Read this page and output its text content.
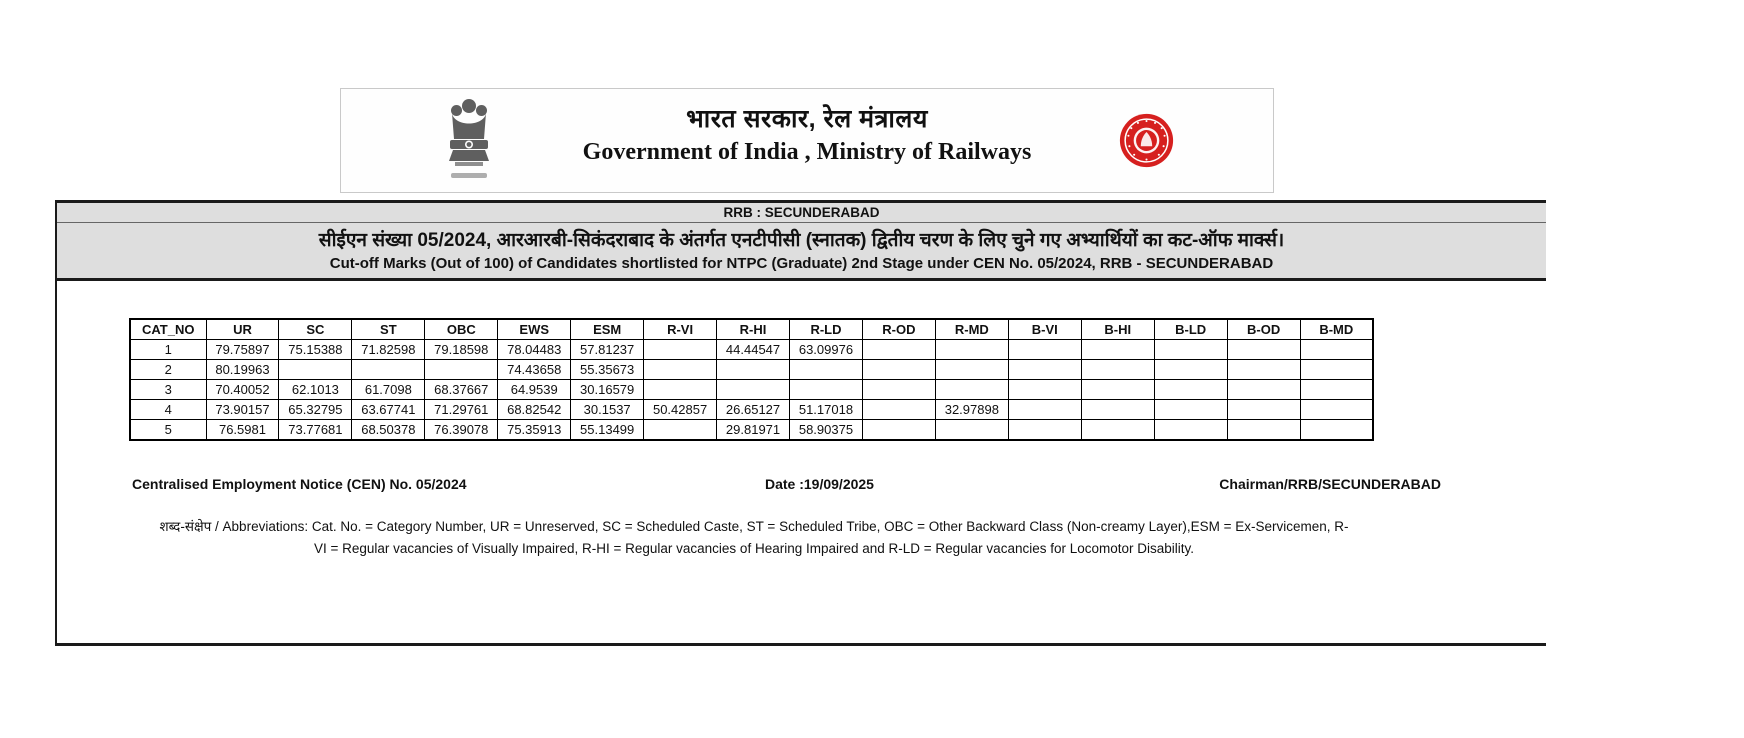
भारत सरकार, रेल मंत्रालय
Government of India , Ministry of Railways
RRB : SECUNDERABAD
सीईएन संख्या 05/2024, आरआरबी-सिकंदराबाद के अंतर्गत एनटीपीसी (स्नातक) द्वितीय चरण के लिए चुने गए अभ्यार्थियों का कट-ऑफ मार्क्स।
Cut-off Marks (Out of 100) of Candidates shortlisted for NTPC (Graduate) 2nd Stage under CEN No. 05/2024, RRB - SECUNDERABAD
CAT_NO	UR	SC	ST	OBC	EWS	ESM	R-VI	R-HI	R-LD	R-OD	R-MD	B-VI	B-HI	B-LD	B-OD	B-MD
1	79.75897	75.15388	71.82598	79.18598	78.04483	57.81237		44.44547	63.09976							
2	80.19963				74.43658	55.35673										
3	70.40052	62.1013	61.7098	68.37667	64.9539	30.16579										
4	73.90157	65.32795	63.67741	71.29761	68.82542	30.1537	50.42857	26.65127	51.17018		32.97898					
5	76.5981	73.77681	68.50378	76.39078	75.35913	55.13499		29.81971	58.90375							
Centralised Employment Notice (CEN) No. 05/2024	Date :19/09/2025	Chairman/RRB/SECUNDERABAD
शब्द-संक्षेप / Abbreviations: Cat. No. = Category Number, UR = Unreserved, SC = Scheduled Caste, ST = Scheduled Tribe, OBC = Other Backward Class (Non-creamy Layer),ESM = Ex-Servicemen, R-
VI = Regular vacancies of Visually Impaired, R-HI = Regular vacancies of Hearing Impaired and R-LD = Regular vacancies for Locomotor Disability.
